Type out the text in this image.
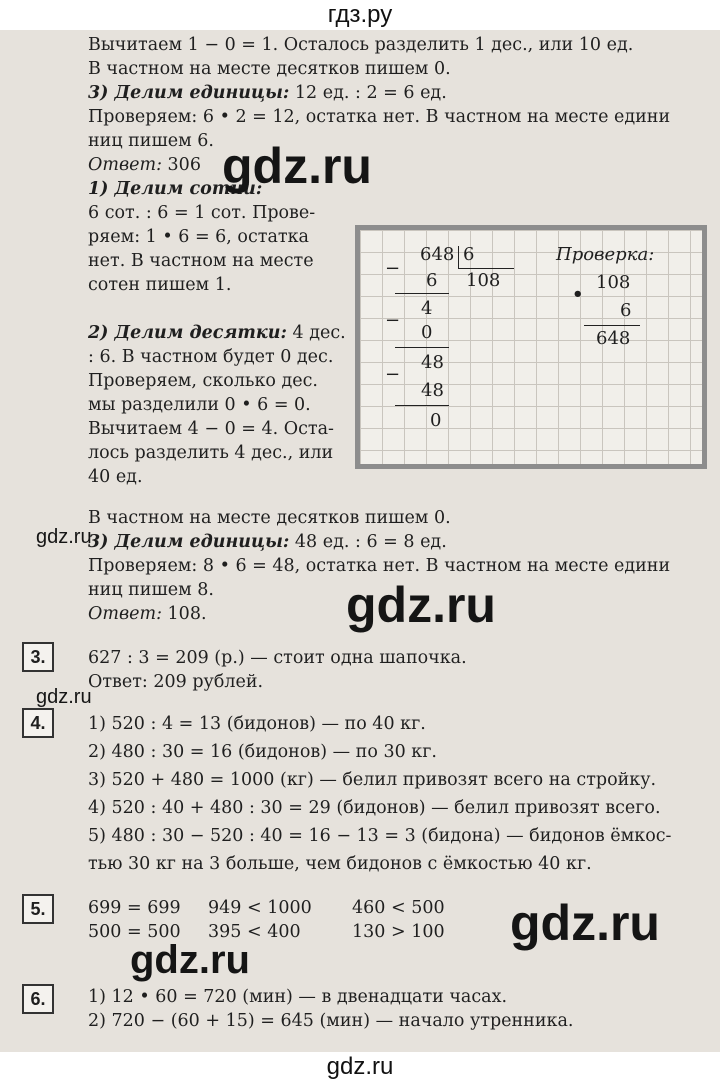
гдз.ру
Вычитаем 1 − 0 = 1. Осталось разделить 1 дес., или 10 ед.
В частном на месте десятков пишем 0.
3) Делим единицы: 12 ед. : 2 = 6 ед.
Проверяем: 6 • 2 = 12, остатка нет. В частном на месте едини
ниц пишем 6.
Ответ: 306
1) Делим сотни:
6 сот. : 6 = 1 сот. Прове-
ряем: 1 • 6 = 6, остатка
нет. В частном на месте
сотен пишем 1.
2) Делим десятки: 4 дес.
: 6. В частном будет 0 дес.
Проверяем, сколько дес.
мы разделили 0 • 6 = 0.
Вычитаем 4 − 0 = 4. Оста-
лось разделить 4 дес., или
40 ед.
В частном на месте десятков пишем 0.
3) Делим единицы: 48 ед. : 6 = 8 ед.
Проверяем: 8 • 6 = 48, остатка нет. В частном на месте едини
ниц пишем 8.
Ответ: 108.
648 6
108
−
6
−
4
0
−
48
48
0
Проверка:
108
•
6
648
3.	627 : 3 = 209 (р.) — стоит одна шапочка.
Ответ: 209 рублей.
4.	1) 520 : 4 = 13 (бидонов) — по 40 кг.
2) 480 : 30 = 16 (бидонов) — по 30 кг.
3) 520 + 480 = 1000 (кг) — белил привозят всего на стройку.
4) 520 : 40 + 480 : 30 = 29 (бидонов) — белил привозят всего.
5) 480 : 30 − 520 : 40 = 16 − 13 = 3 (бидона) — бидонов ёмкос-
тью 30 кг на 3 больше, чем бидонов с ёмкостью 40 кг.
5.	699 = 699 949 < 1000 460 < 500
500 = 500 395 < 400	130 > 100
6.	1) 12 • 60 = 720 (мин) — в двенадцати часах.
2) 720 − (60 + 15) = 645 (мин) — начало утренника.
gdz.ru
gdz.ru
gdz.ru
gdz.ru
gdz.ru
gdz.ru
gdz.ru
